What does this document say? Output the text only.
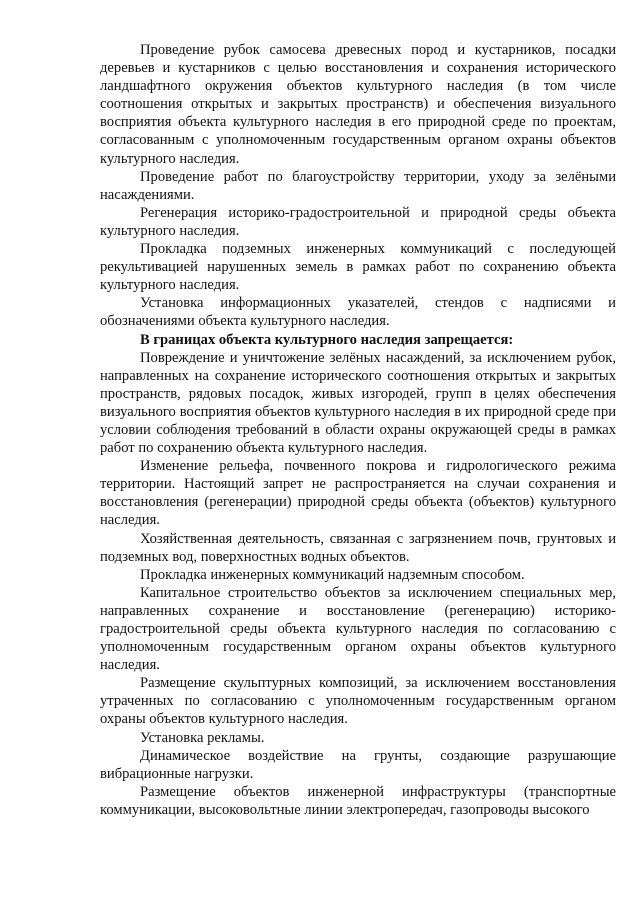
Проведение рубок самосева древесных пород и кустарников, посадки деревьев и кустарников с целью восстановления и сохранения исторического ландшафтного окружения объектов культурного наследия (в том числе соотношения открытых и закрытых пространств) и обеспечения визуального восприятия объекта культурного наследия в его природной среде по проектам, согласованным с уполномоченным государственным органом охраны объектов культурного наследия.

Проведение работ по благоустройству территории, уходу за зелёными насаждениями.

Регенерация историко-градостроительной и природной среды объекта культурного наследия.

Прокладка подземных инженерных коммуникаций с последующей рекультивацией нарушенных земель в рамках работ по сохранению объекта культурного наследия.

Установка информационных указателей, стендов с надписями и обозначениями объекта культурного наследия.

В границах объекта культурного наследия запрещается:

Повреждение и уничтожение зелёных насаждений, за исключением рубок, направленных на сохранение исторического соотношения открытых и закрытых пространств, рядовых посадок, живых изгородей, групп в целях обеспечения визуального восприятия объектов культурного наследия в их природной среде при условии соблюдения требований в области охраны окружающей среды в рамках работ по сохранению объекта культурного наследия.

Изменение рельефа, почвенного покрова и гидрологического режима территории. Настоящий запрет не распространяется на случаи сохранения и восстановления (регенерации) природной среды объекта (объектов) культурного наследия.

Хозяйственная деятельность, связанная с загрязнением почв, грунтовых и подземных вод, поверхностных водных объектов.

Прокладка инженерных коммуникаций надземным способом.

Капитальное строительство объектов за исключением специальных мер, направленных сохранение и восстановление (регенерацию) историко-градостроительной среды объекта культурного наследия по согласованию с уполномоченным государственным органом охраны объектов культурного наследия.

Размещение скульптурных композиций, за исключением восстановления утраченных по согласованию с уполномоченным государственным органом охраны объектов культурного наследия.

Установка рекламы.

Динамическое воздействие на грунты, создающие разрушающие вибрационные нагрузки.

Размещение объектов инженерной инфраструктуры (транспортные коммуникации, высоковольтные линии электропередач, газопроводы высокого
